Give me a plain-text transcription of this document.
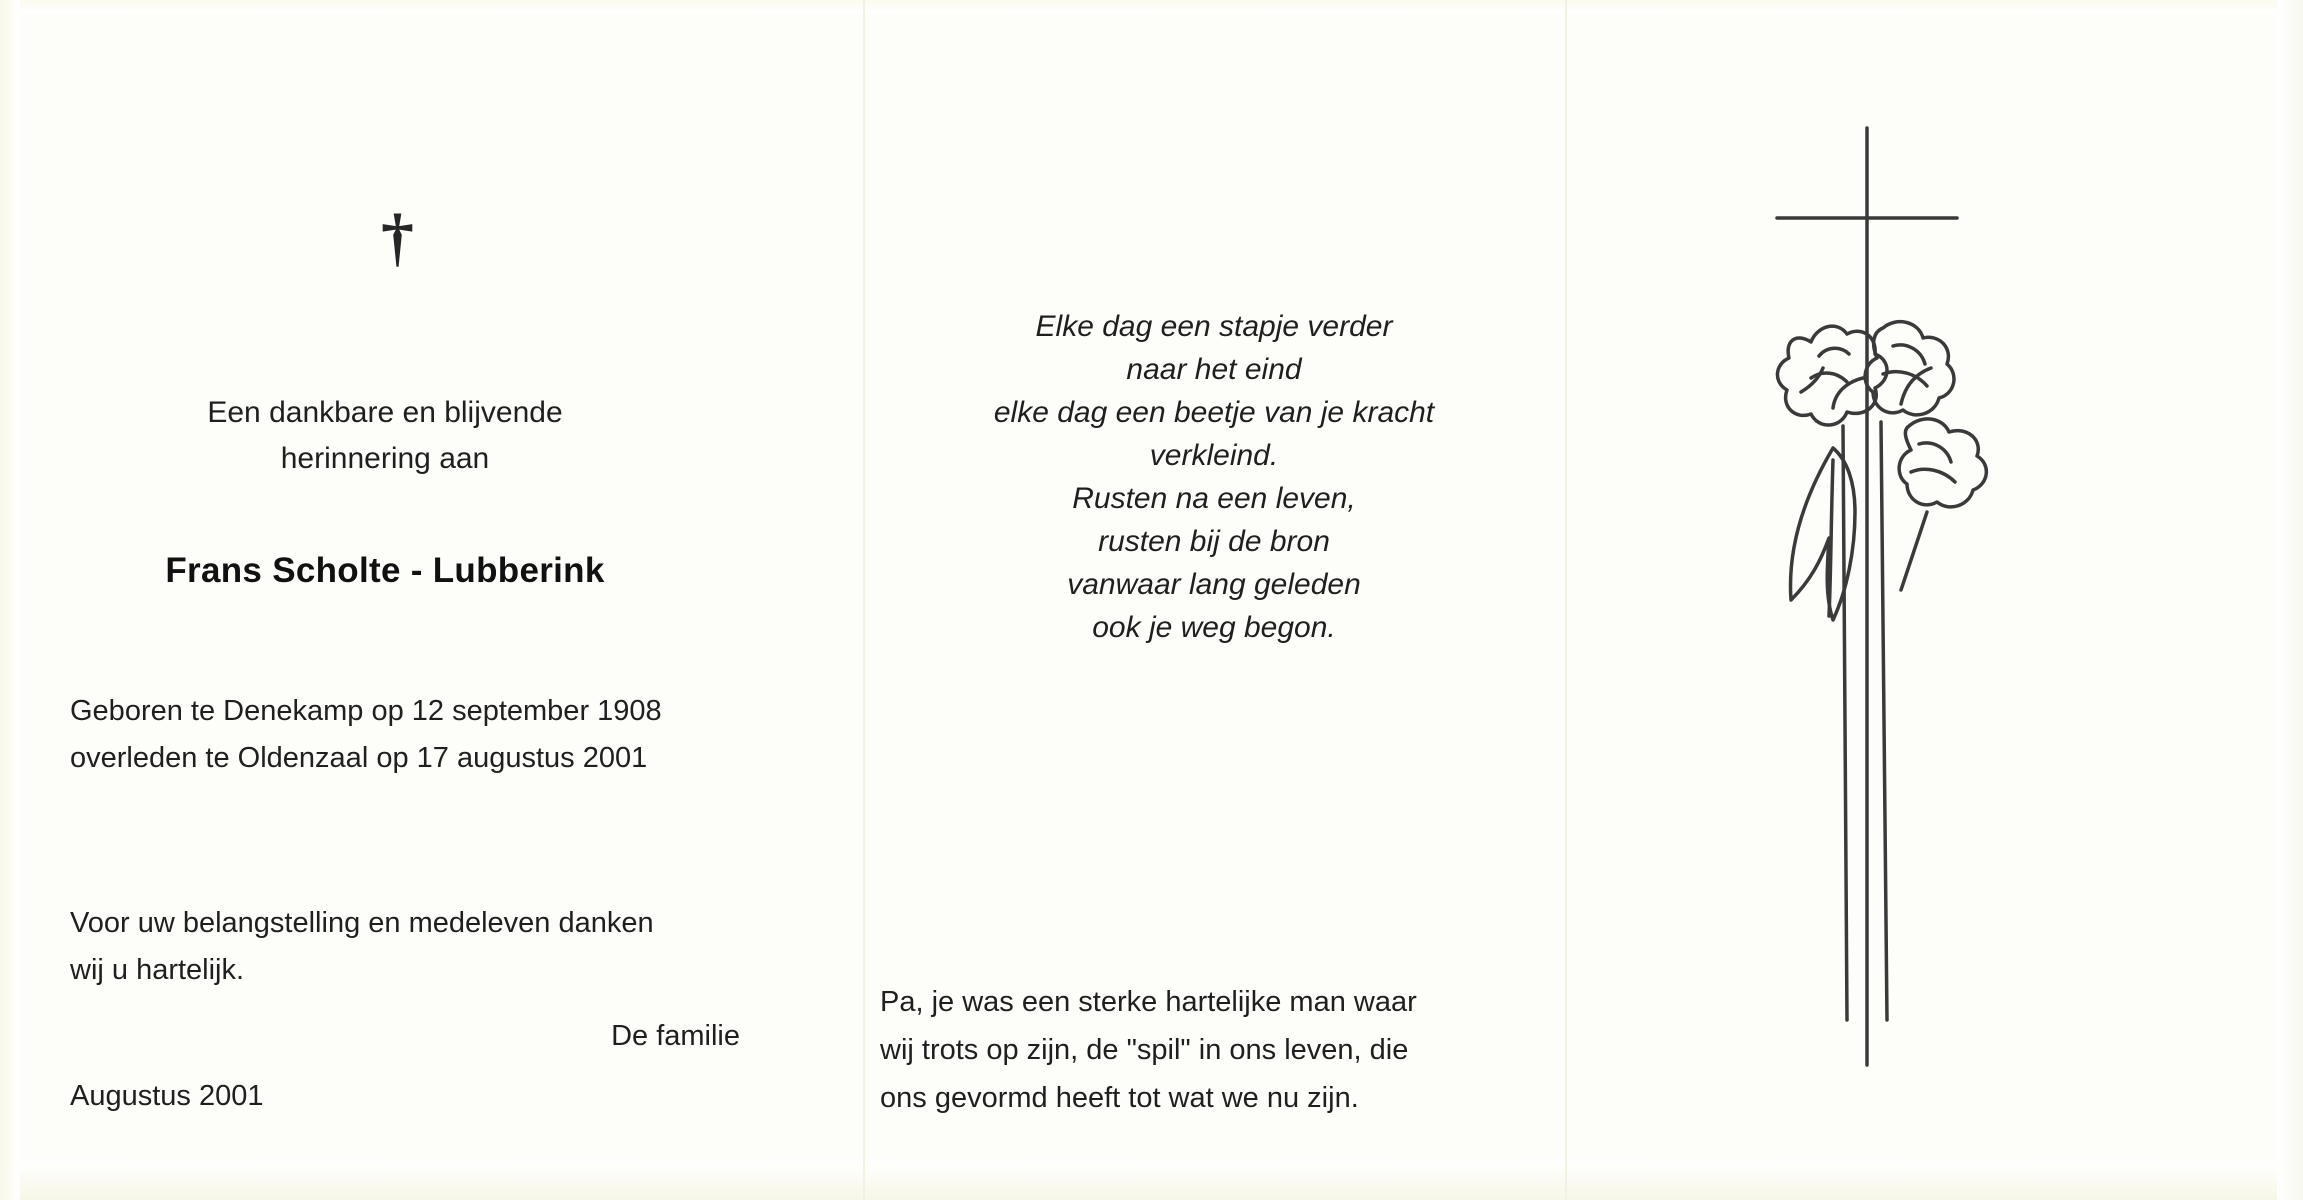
†
Een dankbare en blijvende
herinnering aan
Frans Scholte - Lubberink
Geboren te Denekamp op 12 september 1908
overleden te Oldenzaal op 17 augustus 2001
Voor uw belangstelling en medeleven danken
wij u hartelijk.
De familie
Augustus 2001
Elke dag een stapje verder
naar het eind
elke dag een beetje van je kracht
verkleind.
Rusten na een leven,
rusten bij de bron
vanwaar lang geleden
ook je weg begon.
Pa, je was een sterke hartelijke man waar
wij trots op zijn, de "spil" in ons leven, die
ons gevormd heeft tot wat we nu zijn.
